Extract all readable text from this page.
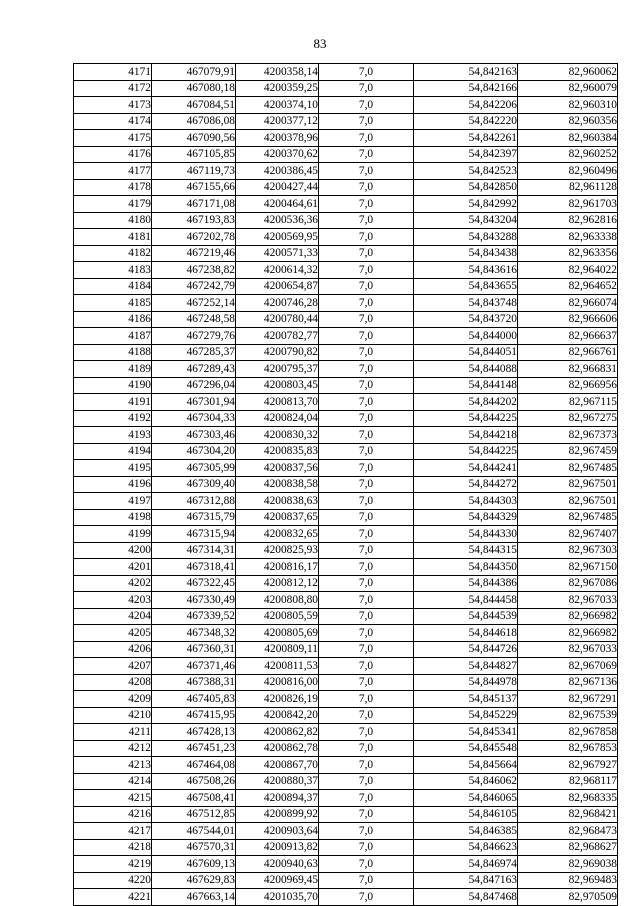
83
4171	467079,91	4200358,14	7,0	54,842163	82,960062
4172	467080,18	4200359,25	7,0	54,842166	82,960079
4173	467084,51	4200374,10	7,0	54,842206	82,960310
4174	467086,08	4200377,12	7,0	54,842220	82,960356
4175	467090,56	4200378,96	7,0	54,842261	82,960384
4176	467105,85	4200370,62	7,0	54,842397	82,960252
4177	467119,73	4200386,45	7,0	54,842523	82,960496
4178	467155,66	4200427,44	7,0	54,842850	82,961128
4179	467171,08	4200464,61	7,0	54,842992	82,961703
4180	467193,83	4200536,36	7,0	54,843204	82,962816
4181	467202,78	4200569,95	7,0	54,843288	82,963338
4182	467219,46	4200571,33	7,0	54,843438	82,963356
4183	467238,82	4200614,32	7,0	54,843616	82,964022
4184	467242,79	4200654,87	7,0	54,843655	82,964652
4185	467252,14	4200746,28	7,0	54,843748	82,966074
4186	467248,58	4200780,44	7,0	54,843720	82,966606
4187	467279,76	4200782,77	7,0	54,844000	82,966637
4188	467285,37	4200790,82	7,0	54,844051	82,966761
4189	467289,43	4200795,37	7,0	54,844088	82,966831
4190	467296,04	4200803,45	7,0	54,844148	82,966956
4191	467301,94	4200813,70	7,0	54,844202	82,967115
4192	467304,33	4200824,04	7,0	54,844225	82,967275
4193	467303,46	4200830,32	7,0	54,844218	82,967373
4194	467304,20	4200835,83	7,0	54,844225	82,967459
4195	467305,99	4200837,56	7,0	54,844241	82,967485
4196	467309,40	4200838,58	7,0	54,844272	82,967501
4197	467312,88	4200838,63	7,0	54,844303	82,967501
4198	467315,79	4200837,65	7,0	54,844329	82,967485
4199	467315,94	4200832,65	7,0	54,844330	82,967407
4200	467314,31	4200825,93	7,0	54,844315	82,967303
4201	467318,41	4200816,17	7,0	54,844350	82,967150
4202	467322,45	4200812,12	7,0	54,844386	82,967086
4203	467330,49	4200808,80	7,0	54,844458	82,967033
4204	467339,52	4200805,59	7,0	54,844539	82,966982
4205	467348,32	4200805,69	7,0	54,844618	82,966982
4206	467360,31	4200809,11	7,0	54,844726	82,967033
4207	467371,46	4200811,53	7,0	54,844827	82,967069
4208	467388,31	4200816,00	7,0	54,844978	82,967136
4209	467405,83	4200826,19	7,0	54,845137	82,967291
4210	467415,95	4200842,20	7,0	54,845229	82,967539
4211	467428,13	4200862,82	7,0	54,845341	82,967858
4212	467451,23	4200862,78	7,0	54,845548	82,967853
4213	467464,08	4200867,70	7,0	54,845664	82,967927
4214	467508,26	4200880,37	7,0	54,846062	82,968117
4215	467508,41	4200894,37	7,0	54,846065	82,968335
4216	467512,85	4200899,92	7,0	54,846105	82,968421
4217	467544,01	4200903,64	7,0	54,846385	82,968473
4218	467570,31	4200913,82	7,0	54,846623	82,968627
4219	467609,13	4200940,63	7,0	54,846974	82,969038
4220	467629,83	4200969,45	7,0	54,847163	82,969483
4221	467663,14	4201035,70	7,0	54,847468	82,970509
